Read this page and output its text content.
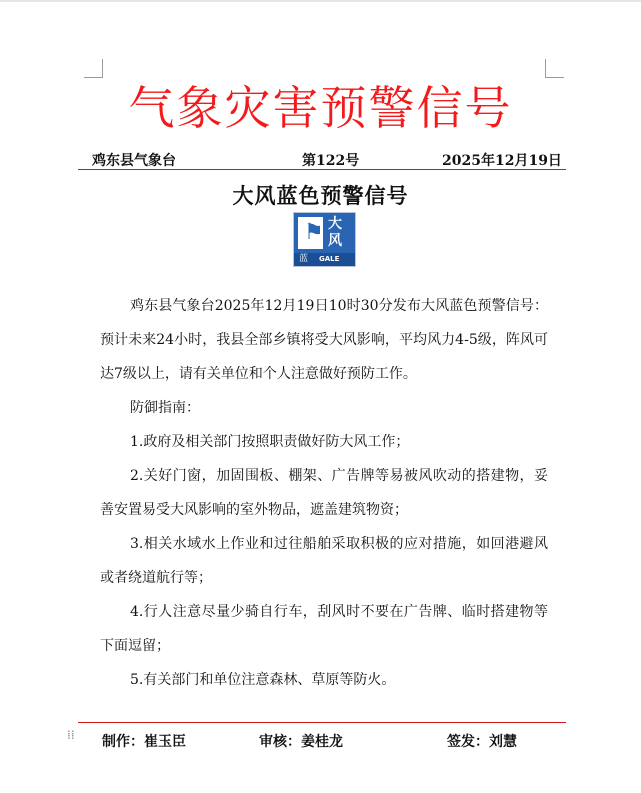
气象灾害预警信号
鸡东县气象台	第122号	2025年12月19日
大风蓝色预警信号
⚑ 大
风
蓝 GALE

鸡东县气象台2025年12月19日10时30分发布大风蓝色预警信号：预计未来24小时，我县全部乡镇将受大风影响，平均风力4-5级，阵风可达7级以上，请有关单位和个人注意做好预防工作。

防御指南：

1.政府及相关部门按照职责做好防大风工作；

2.关好门窗，加固围板、棚架、广告牌等易被风吹动的搭建物，妥善安置易受大风影响的室外物品，遮盖建筑物资；

3.相关水域水上作业和过往船舶采取积极的应对措施，如回港避风或者绕道航行等；

4.行人注意尽量少骑自行车，刮风时不要在广告牌、临时搭建物等下面逗留；

5.有关部门和单位注意森林、草原等防火。

⁞⁞ 制作：崔玉臣	审核：姜桂龙	签发：刘慧
